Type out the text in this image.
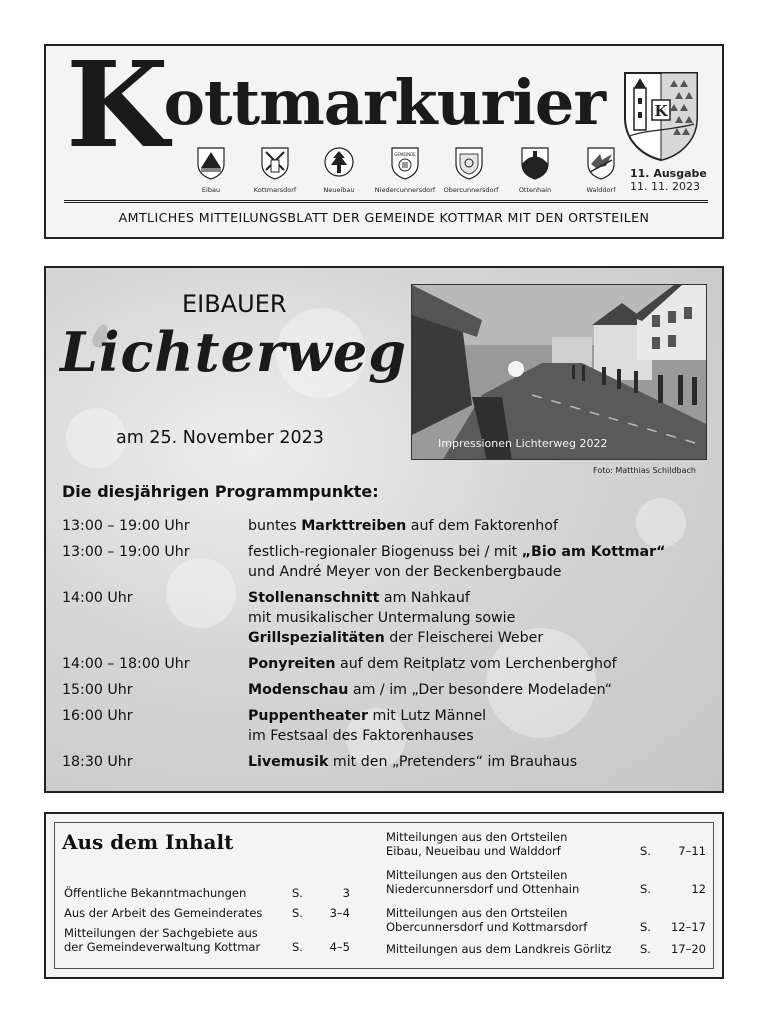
Kottmarkurier	K
GEMEINDE
Eibau	Kottmarsdorf	Neueibau	Niedercunnersdorf Obercunnersdorf	Ottenhain	Walddorf
11. Ausgabe
11. 11. 2023
AMTLICHES MITTEILUNGSBLATT DER GEMEINDE KOTTMAR MIT DEN ORTSTEILEN
EIBAUER
Lichterweg
am 25. November 2023	Impressionen Lichterweg 2022
Foto: Matthias Schildbach
Die diesjährigen Programmpunkte:
13:00 – 19:00 Uhr	buntes Markttreiben auf dem Faktorenhof
13:00 – 19:00 Uhr	festlich-regionaler Biogenuss bei / mit „Bio am Kottmar“
und André Meyer von der Beckenbergbaude
14:00 Uhr	Stollenanschnitt am Nahkauf
mit musikalischer Untermalung sowie
Grillspezialitäten der Fleischerei Weber
14:00 – 18:00 Uhr	Ponyreiten auf dem Reitplatz vom Lerchenberghof
15:00 Uhr	Modenschau am / im „Der besondere Modeladen“
16:00 Uhr	Puppentheater mit Lutz Männel
im Festsaal des Faktorenhauses
18:30 Uhr	Livemusik mit den „Pretenders“ im Brauhaus
Aus dem Inhalt
Öffentliche Bekanntmachungen	S.	3
Aus der Arbeit des Gemeinderates	S. 3–4
Mitteilungen der Sachgebiete aus
der Gemeindeverwaltung Kottmar	S. 4–5
Mitteilungen aus den Ortsteilen
Eibau, Neueibau und Walddorf	S. 7–11
Mitteilungen aus den Ortsteilen
Niedercunnersdorf und Ottenhain	S.	12
Mitteilungen aus den Ortsteilen
Obercunnersdorf und Kottmarsdorf	S. 12–17
Mitteilungen aus dem Landkreis Görlitz	S. 17–20
